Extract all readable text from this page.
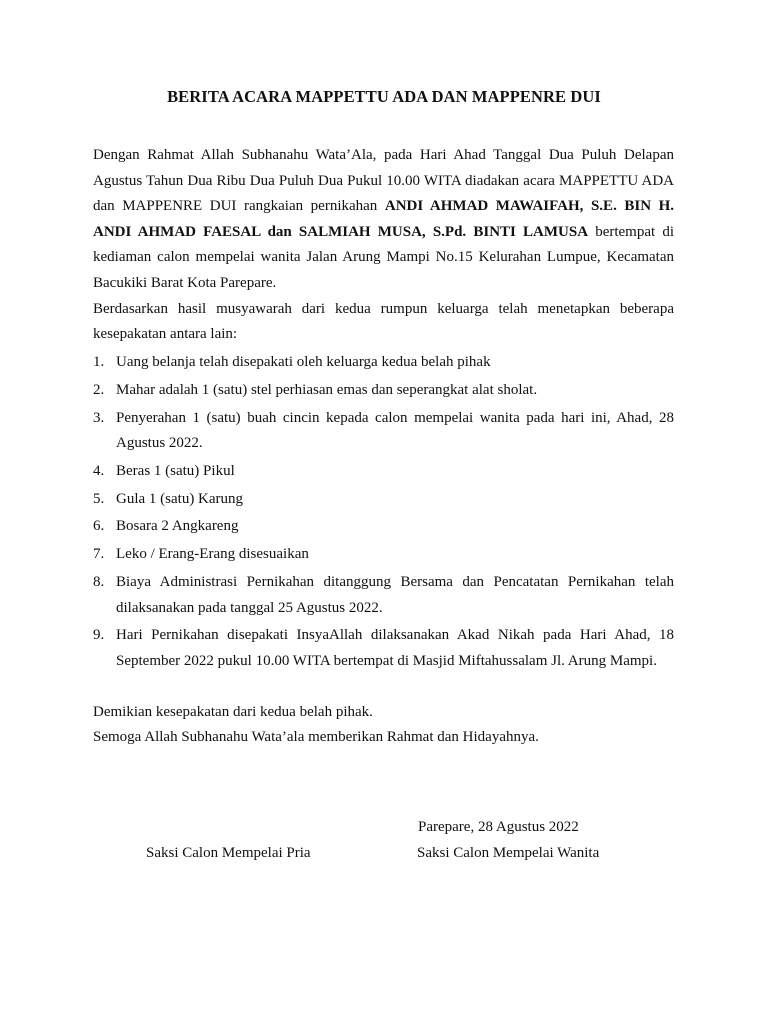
BERITA ACARA MAPPETTU ADA DAN MAPPENRE DUI

Dengan Rahmat Allah Subhanahu Wata’Ala, pada Hari Ahad Tanggal Dua Puluh Delapan Agustus Tahun Dua Ribu Dua Puluh Dua Pukul 10.00 WITA diadakan acara MAPPETTU ADA dan MAPPENRE DUI rangkaian pernikahan ANDI AHMAD MAWAIFAH, S.E. BIN H. ANDI AHMAD FAESAL dan SALMIAH MUSA, S.Pd. BINTI LAMUSA bertempat di kediaman calon mempelai wanita Jalan Arung Mampi No.15 Kelurahan Lumpue, Kecamatan Bacukiki Barat Kota Parepare.

Berdasarkan hasil musyawarah dari kedua rumpun keluarga telah menetapkan beberapa kesepakatan antara lain:

1. Uang belanja telah disepakati oleh keluarga kedua belah pihak
2. Mahar adalah 1 (satu) stel perhiasan emas dan seperangkat alat sholat.
3. Penyerahan 1 (satu) buah cincin kepada calon mempelai wanita pada hari ini, Ahad, 28 Agustus 2022.
4. Beras 1 (satu) Pikul
5. Gula 1 (satu) Karung
6. Bosara 2 Angkareng
7. Leko / Erang-Erang disesuaikan
8. Biaya Administrasi Pernikahan ditanggung Bersama dan Pencatatan Pernikahan telah dilaksanakan pada tanggal 25 Agustus 2022.
9. Hari Pernikahan disepakati InsyaAllah dilaksanakan Akad Nikah pada Hari Ahad, 18 September 2022 pukul 10.00 WITA bertempat di Masjid Miftahussalam Jl. Arung Mampi.

Demikian kesepakatan dari kedua belah pihak.

Semoga Allah Subhanahu Wata’ala memberikan Rahmat dan Hidayahnya.

Parepare, 28 Agustus 2022
Saksi Calon Mempelai Pria	Saksi Calon Mempelai Wanita
